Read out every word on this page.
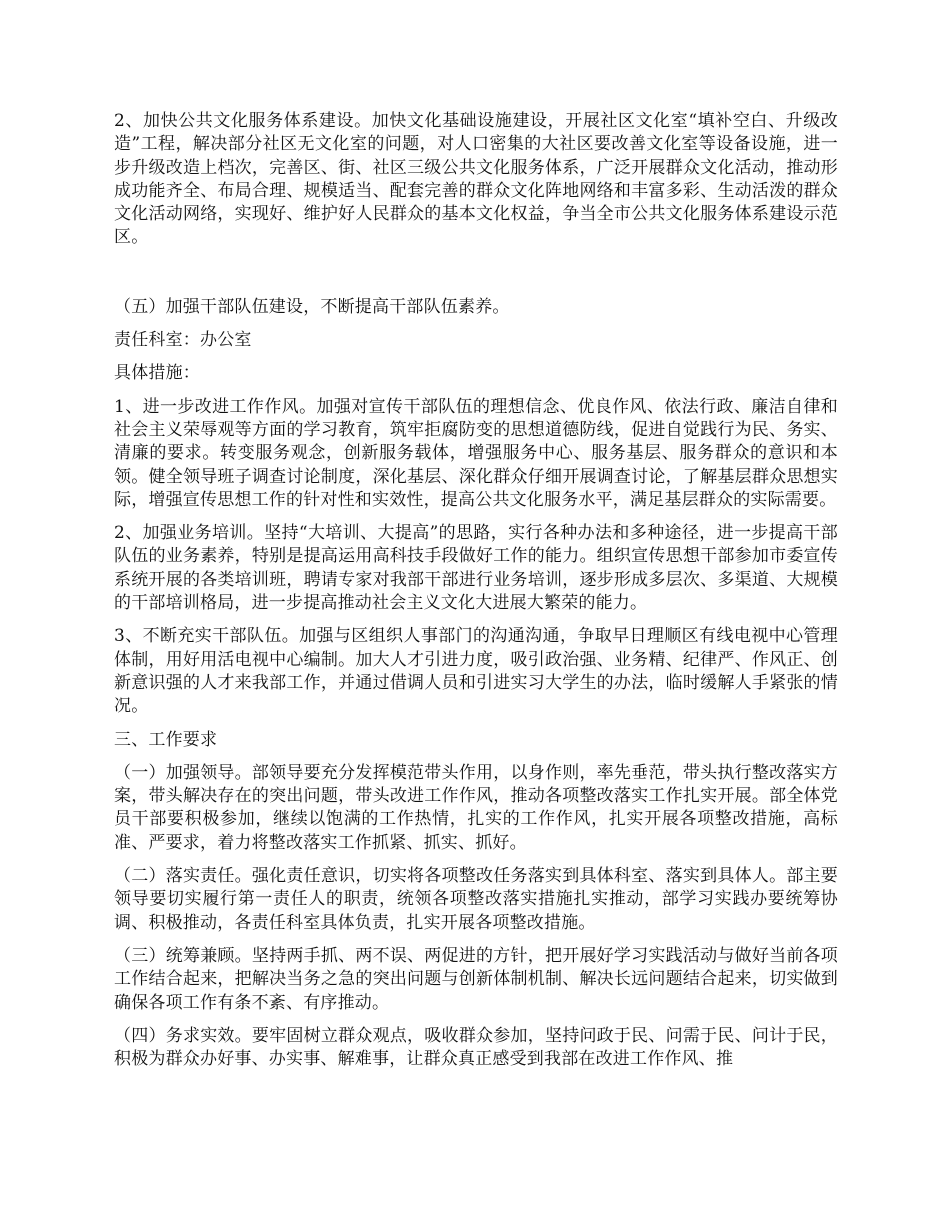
2、加快公共文化服务体系建设。加快文化基础设施建设，开展社区文化室“填补空白、升级改造”工程，解决部分社区无文化室的问题，对人口密集的大社区要改善文化室等设备设施，进一步升级改造上档次，完善区、街、社区三级公共文化服务体系，广泛开展群众文化活动，推动形成功能齐全、布局合理、规模适当、配套完善的群众文化阵地网络和丰富多彩、生动活泼的群众文化活动网络，实现好、维护好人民群众的基本文化权益，争当全市公共文化服务体系建设示范区。

（五）加强干部队伍建设，不断提高干部队伍素养。

责任科室：办公室

具体措施：

1、进一步改进工作作风。加强对宣传干部队伍的理想信念、优良作风、依法行政、廉洁自律和社会主义荣辱观等方面的学习教育，筑牢拒腐防变的思想道德防线，促进自觉践行为民、务实、清廉的要求。转变服务观念，创新服务载体，增强服务中心、服务基层、服务群众的意识和本领。健全领导班子调查讨论制度，深化基层、深化群众仔细开展调查讨论，了解基层群众思想实际，增强宣传思想工作的针对性和实效性，提高公共文化服务水平，满足基层群众的实际需要。

2、加强业务培训。坚持“大培训、大提高”的思路，实行各种办法和多种途径，进一步提高干部队伍的业务素养，特别是提高运用高科技手段做好工作的能力。组织宣传思想干部参加市委宣传系统开展的各类培训班，聘请专家对我部干部进行业务培训，逐步形成多层次、多渠道、大规模的干部培训格局，进一步提高推动社会主义文化大进展大繁荣的能力。

3、不断充实干部队伍。加强与区组织人事部门的沟通沟通，争取早日理顺区有线电视中心管理体制，用好用活电视中心编制。加大人才引进力度，吸引政治强、业务精、纪律严、作风正、创新意识强的人才来我部工作，并通过借调人员和引进实习大学生的办法，临时缓解人手紧张的情况。

三、工作要求

（一）加强领导。部领导要充分发挥模范带头作用，以身作则，率先垂范，带头执行整改落实方案，带头解决存在的突出问题，带头改进工作作风，推动各项整改落实工作扎实开展。部全体党员干部要积极参加，继续以饱满的工作热情，扎实的工作作风，扎实开展各项整改措施，高标准、严要求，着力将整改落实工作抓紧、抓实、抓好。

（二）落实责任。强化责任意识，切实将各项整改任务落实到具体科室、落实到具体人。部主要领导要切实履行第一责任人的职责，统领各项整改落实措施扎实推动，部学习实践办要统筹协调、积极推动，各责任科室具体负责，扎实开展各项整改措施。

（三）统筹兼顾。坚持两手抓、两不误、两促进的方针，把开展好学习实践活动与做好当前各项工作结合起来，把解决当务之急的突出问题与创新体制机制、解决长远问题结合起来，切实做到确保各项工作有条不紊、有序推动。

（四）务求实效。要牢固树立群众观点，吸收群众参加，坚持问政于民、问需于民、问计于民，积极为群众办好事、办实事、解难事，让群众真正感受到我部在改进工作作风、推
